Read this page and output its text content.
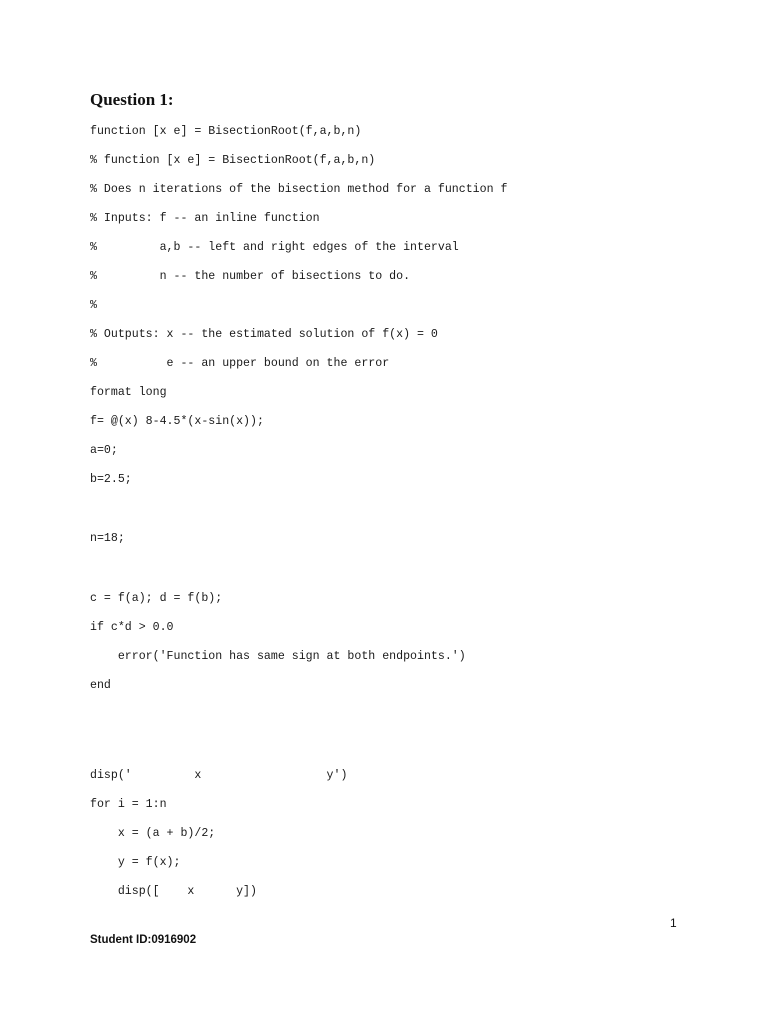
Question 1:
function [x e] = BisectionRoot(f,a,b,n)
% function [x e] = BisectionRoot(f,a,b,n)
% Does n iterations of the bisection method for a function f
% Inputs: f -- an inline function
%         a,b -- left and right edges of the interval
%         n -- the number of bisections to do.
%
% Outputs: x -- the estimated solution of f(x) = 0
%          e -- an upper bound on the error
format long
f= @(x) 8-4.5*(x-sin(x));
a=0;
b=2.5;
n=18;
c = f(a); d = f(b);
if c*d > 0.0
error('Function has same sign at both endpoints.')
end
disp('         x                  y')
for i = 1:n
x = (a + b)/2;
y = f(x);
disp([    x      y])
1
Student ID:0916902
